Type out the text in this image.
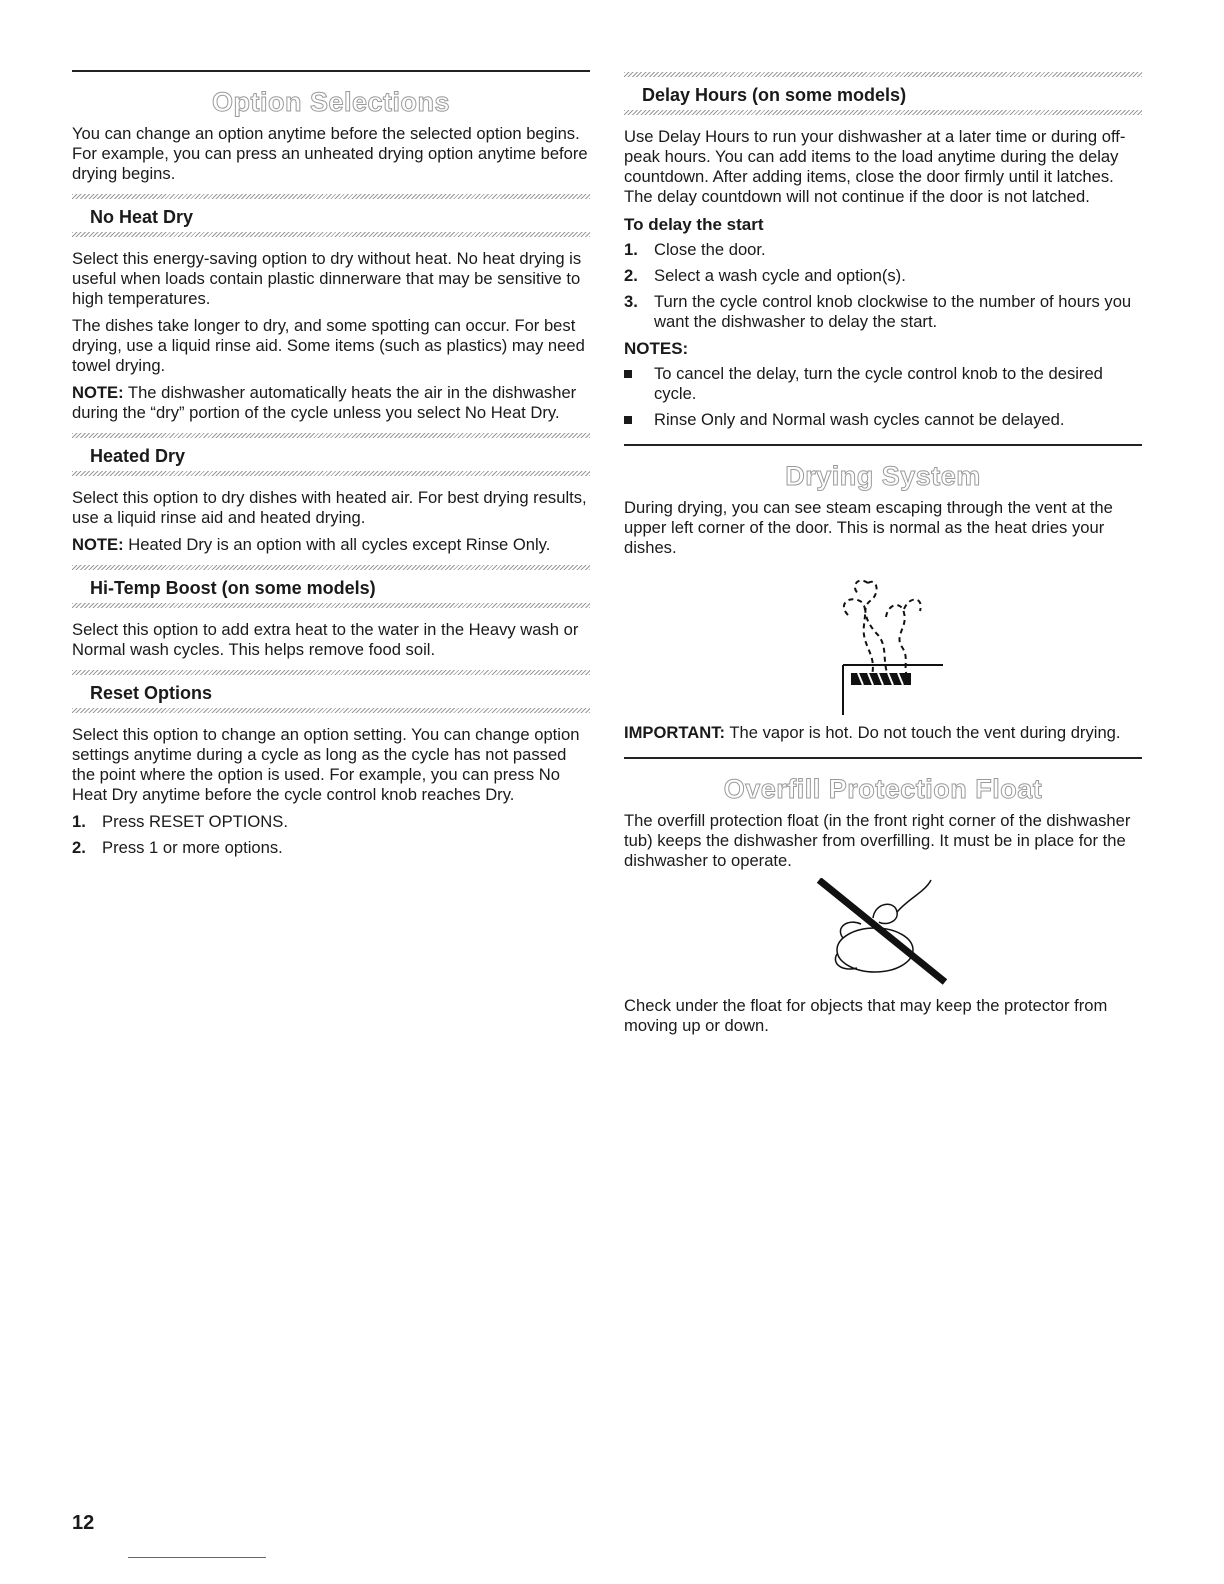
Option Selections

You can change an option anytime before the selected option begins. For example, you can press an unheated drying option anytime before drying begins.

No Heat Dry

Select this energy-saving option to dry without heat. No heat drying is useful when loads contain plastic dinnerware that may be sensitive to high temperatures.

The dishes take longer to dry, and some spotting can occur. For best drying, use a liquid rinse aid. Some items (such as plastics) may need towel drying.

NOTE: The dishwasher automatically heats the air in the dishwasher during the “dry” portion of the cycle unless you select No Heat Dry.

Heated Dry

Select this option to dry dishes with heated air. For best drying results, use a liquid rinse aid and heated drying.

NOTE: Heated Dry is an option with all cycles except Rinse Only.

Hi-Temp Boost (on some models)

Select this option to add extra heat to the water in the Heavy wash or Normal wash cycles. This helps remove food soil.

Reset Options

Select this option to change an option setting. You can change option settings anytime during a cycle as long as the cycle has not passed the point where the option is used. For example, you can press No Heat Dry anytime before the cycle control knob reaches Dry.

1. Press RESET OPTIONS.
2. Press 1 or more options.
Delay Hours (on some models)

Use Delay Hours to run your dishwasher at a later time or during off-peak hours. You can add items to the load anytime during the delay countdown. After adding items, close the door firmly until it latches. The delay countdown will not continue if the door is not latched.

To delay the start
1. Close the door.
2. Select a wash cycle and option(s).
3. Turn the cycle control knob clockwise to the number of hours you want the dishwasher to delay the start.
NOTES:
To cancel the delay, turn the cycle control knob to the desired cycle.
Rinse Only and Normal wash cycles cannot be delayed.
Drying System

During drying, you can see steam escaping through the vent at the upper left corner of the door. This is normal as the heat dries your dishes.

IMPORTANT: The vapor is hot. Do not touch the vent during drying.

Overfill Protection Float

The overfill protection float (in the front right corner of the dishwasher tub) keeps the dishwasher from overfilling. It must be in place for the dishwasher to operate.

Check under the float for objects that may keep the protector from moving up or down.

12
